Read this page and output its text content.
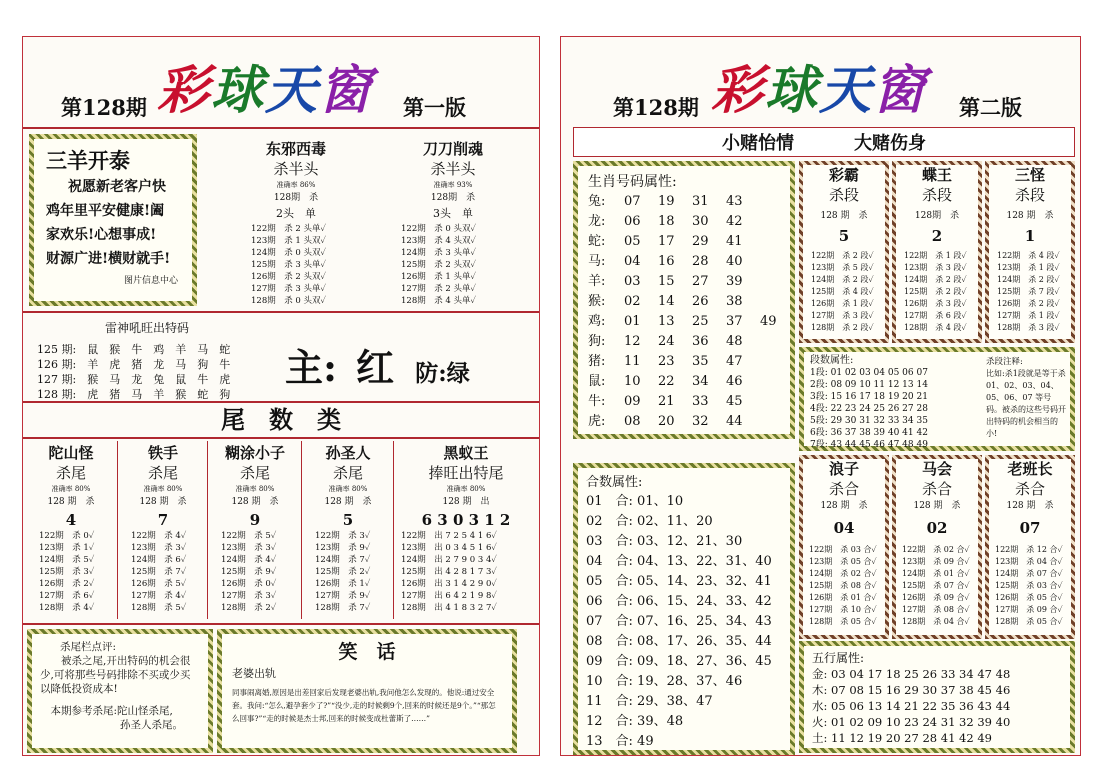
第128期 彩球天窗 第一版
三羊开泰
祝愿新老客户快
鸡年里平安健康!阖
家欢乐!心想事成!
财源广进!横财就手!
图片信息中心
东邪西毒
杀半头
准确率 86%
128期　杀
2头　单
122期　杀 2 头单✓
123期　杀 1 头双✓
124期　杀 0 头双✓
125期　杀 3 头单✓
126期　杀 2 头双✓
127期　杀 3 头单✓
128期　杀 0 头双✓
刀刀削魂
杀半头
准确率 93%
128期　杀
3头　单
122期　杀 0 头双✓
123期　杀 4 头双✓
124期　杀 3 头单✓
125期　杀 2 头双✓
126期　杀 1 头单✓
127期　杀 2 头单✓
128期　杀 4 头单✓
雷神吼旺出特码
125 期:　 鼠　猴　牛　鸡　羊　马　蛇
126 期:　 羊　虎　猪　龙　马　狗　牛
127 期:　 猴　马　龙　兔　鼠　牛　虎
128 期:　 虎　猪　马　羊　猴　蛇　狗
主: 红 防:绿
尾　数　类
陀山怪
杀尾
准确率 80%
128 期　杀
4
122期　杀 0✓
123期　杀 1✓
124期　杀 5✓
125期　杀 3✓
126期　杀 2✓
127期　杀 6✓
128期　杀 4✓
铁手
杀尾
准确率 80%
128 期　杀
7
122期　杀 4✓
123期　杀 3✓
124期　杀 6✓
125期　杀 7✓
126期　杀 5✓
127期　杀 4✓
128期　杀 5✓
糊涂小子
杀尾
准确率 80%
128 期　杀
9
122期　杀 5✓
123期　杀 3✓
124期　杀 4✓
125期　杀 9✓
126期　杀 0✓
127期　杀 3✓
128期　杀 2✓
孙圣人
杀尾
准确率 80%
128 期　杀
5
122期　杀 3✓
123期　杀 9✓
124期　杀 7✓
125期　杀 2✓
126期　杀 1✓
127期　杀 9✓
128期　杀 7✓
黑蚁王
捧旺出特尾
准确率 80%
128 期　出
6 3 0 3 1 2
122期　出 7 2 5 4 1 6✓
123期　出 0 3 4 5 1 6✓
124期　出 2 7 9 0 3 4✓
125期　出 4 2 8 1 7 3✓
126期　出 3 1 4 2 9 0✓
127期　出 6 4 2 1 9 8✓
128期　出 4 1 8 3 2 7✓
杀尾栏点评:
被杀之尾,开出特码的机会很少,可将那些号码排除不买或少买以降低投资成本!
本期参考杀尾:陀山怪杀尾,
孙圣人杀尾。
笑　话
老婆出轨
同事闹离婚,原因是出差回家后发现老婆出轨,我问他怎么发现的。他说:通过安全套。我问:“怎么,避孕套少了?”“没少,走的时候剩9个,回来的时候还是9个。”“那怎么回事?”“走的时候是杰士邦,回来的时候变成杜蕾斯了……”
第128期 彩球天窗 第二版
小赌怡情	大赌伤身
生肖号码属性:
兔: 07 19 31 43
龙: 06 18 30 42
蛇: 05 17 29 41
马: 04 16 28 40
羊: 03 15 27 39
猴: 02 14 26 38
鸡: 01 13 25 37 49
狗: 12 24 36 48
猪: 11 23 35 47
鼠: 10 22 34 46
牛: 09 21 33 45
虎: 08 20 32 44
彩霸
杀段
128 期　杀
5
122期　杀 2 段✓
123期　杀 5 段✓
124期　杀 2 段✓
125期　杀 4 段✓
126期　杀 1 段✓
127期　杀 3 段✓
128期　杀 2 段✓
蝶王
杀段
128期　杀
2
122期　杀 1 段✓
123期　杀 3 段✓
124期　杀 2 段✓
125期　杀 2 段✓
126期　杀 3 段✓
127期　杀 6 段✓
128期　杀 4 段✓
三怪
杀段
128 期　杀
1
122期　杀 4 段✓
123期　杀 1 段✓
124期　杀 2 段✓
125期　杀 7 段✓
126期　杀 2 段✓
127期　杀 1 段✓
128期　杀 3 段✓
段数属性:
1段: 01 02 03 04 05 06 07
2段: 08 09 10 11 12 13 14
3段: 15 16 17 18 19 20 21
4段: 22 23 24 25 26 27 28
5段: 29 30 31 32 33 34 35
6段: 36 37 38 39 40 41 42
7段: 43 44 45 46 47 48 49
杀段注释:
比如:杀1段就是等于杀01、02、03、04、05、06、07 等号码。被杀的这些号码开出特码的机会相当的小!
合数属性:
01　合: 01、10
02　合: 02、11、20
03　合: 03、12、21、30
04　合: 04、13、22、31、40
05　合: 05、14、23、32、41
06　合: 06、15、24、33、42
07　合: 07、16、25、34、43
08　合: 08、17、26、35、44
09　合: 09、18、27、36、45
10　合: 19、28、37、46
11　合: 29、38、47
12　合: 39、48
13　合: 49
浪子
杀合
128 期　杀
04
122期　杀 03 合✓
123期　杀 05 合✓
124期　杀 02 合✓
125期　杀 08 合✓
126期　杀 01 合✓
127期　杀 10 合✓
128期　杀 05 合✓
马会
杀合
128 期　杀
02
122期　杀 02 合✓
123期　杀 09 合✓
124期　杀 01 合✓
125期　杀 07 合✓
126期　杀 09 合✓
127期　杀 08 合✓
128期　杀 04 合✓
老班长
杀合
128 期　杀
07
122期　杀 12 合✓
123期　杀 04 合✓
124期　杀 07 合✓
125期　杀 03 合✓
126期　杀 05 合✓
127期　杀 09 合✓
128期　杀 05 合✓
五行属性:
金: 03 04 17 18 25 26 33 34 47 48
木: 07 08 15 16 29 30 37 38 45 46
水: 05 06 13 14 21 22 35 36 43 44
火: 01 02 09 10 23 24 31 32 39 40
土: 11 12 19 20 27 28 41 42 49
